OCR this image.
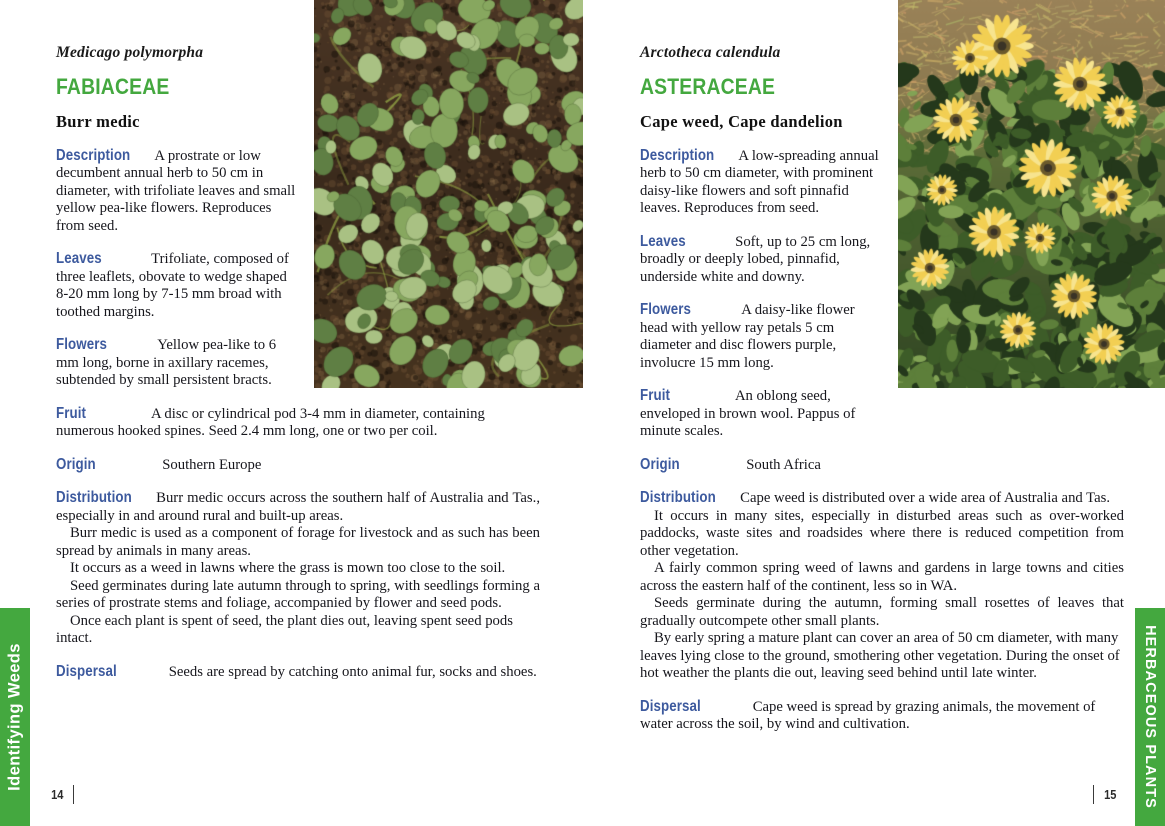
Medicago polymorpha

FABIACEAE

Burr medic

Description A prostrate or low decumbent annual herb to 50 cm in diameter, with trifoliate leaves and small yellow pea-like flowers. Reproduces from seed.

Leaves	Trifoliate, composed of three leaflets, obovate to wedge shaped 8-20 mm long by 7-15 mm broad with toothed margins.

Flowers	Yellow pea-like to 6 mm long, borne in axillary racemes, subtended by small persistent bracts.

Fruit	A disc or cylindrical pod 3-4 mm in diameter, containing numerous hooked spines. Seed 2.4 mm long, one or two per coil.

Origin	Southern Europe

Distribution Burr medic occurs across the southern half of Australia and Tas., especially in and around rural and built-up areas.

Burr medic is used as a component of forage for livestock and as such has been spread by animals in many areas.

It occurs as a weed in lawns where the grass is mown too close to the soil.

Seed germinates during late autumn through to spring, with seedlings forming a series of prostrate stems and foliage, accompanied by flower and seed pods.

Once each plant is spent of seed, the plant dies out, leaving spent seed pods intact.

Dispersal	Seeds are spread by catching onto animal fur, socks and shoes.

Arctotheca calendula

ASTERACEAE

Cape weed, Cape dandelion

Description A low-spreading annual herb to 50 cm diameter, with prominent daisy-like flowers and soft pinnafid leaves. Reproduces from seed.

Leaves	Soft, up to 25 cm long, broadly or deeply lobed, pinnafid, underside white and downy.

Flowers	A daisy-like flower head with yellow ray petals 5 cm diameter and disc flowers purple, involucre 15 mm long.

Fruit	An oblong seed, enveloped in brown wool. Pappus of minute scales.

Origin	South Africa

Distribution Cape weed is distributed over a wide area of Australia and Tas.

It occurs in many sites, especially in disturbed areas such as over-worked paddocks, waste sites and roadsides where there is reduced competition from other vegetation.

A fairly common spring weed of lawns and gardens in large towns and cities across the eastern half of the continent, less so in WA.

Seeds germinate during the autumn, forming small rosettes of leaves that gradually outcompete other small plants.

By early spring a mature plant can cover an area of 50 cm diameter, with many leaves lying close to the ground, smothering other vegetation. During the onset of hot weather the plants die out, leaving seed behind until late winter.

Dispersal	Cape weed is spread by grazing animals, the movement of water across the soil, by wind and cultivation.

Identifying Weeds	HERBACEOUS PLANTS
14	15
